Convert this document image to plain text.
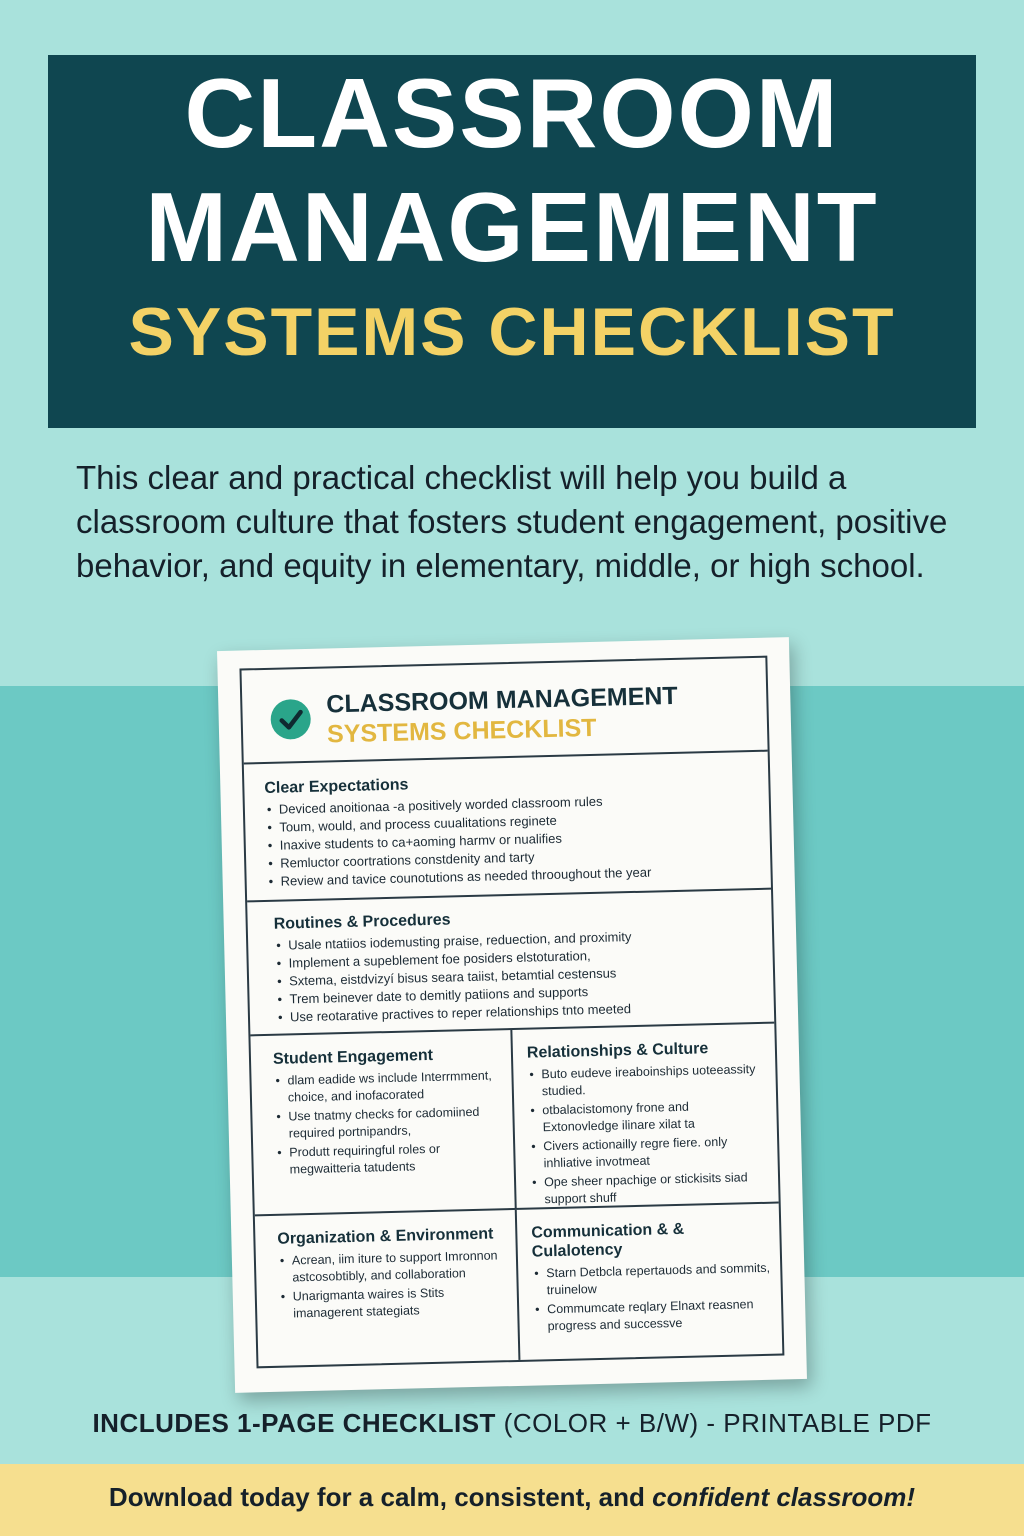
CLASSROOM
MANAGEMENT
SYSTEMS CHECKLIST

This clear and practical checklist will help you build a classroom culture that fosters student engagement, positive behavior, and equity in elementary, middle, or high school.

CLASSROOM MANAGEMENT
SYSTEMS CHECKLIST
Clear Expectations
• Deviced anoitionaa -a positively worded classroom rules
• Toum, would, and process cuualitations reginete
• Inaxive students to ca+aoming harmv or nualifies
• Remluctor coortrations constdenity and tarty
• Review and tavice counotutions as needed throoughout the year
Routines & Procedures
• Usale ntatiios iodemusting praise, reduection, and proximity
• Implement a supeblement foe posiders elstoturation,
• Sxtema, eistdvizyí bisus seara taiist, betamtial cestensus
• Trem beinever date to demitly patiions and supports
• Use reotarative practives to reper relationships tnto meeted
Student Engagement
• dlam eadide ws include Interrmment, choice, and inofacorated
• Use tnatmy checks for cadomiined required portnipandrs,
• Produtt requiringful roles or megwaitteria tatudents
Relationships & Culture
• Buto eudeve ireaboinships uoteeassity studied.
• otbalacistomony frone and Extonovledge ilinare xilat ta
• Civers actionailly regre fiere. only inhliative invotmeat
• Ope sheer npachige or stickisits siad support shuff
Organization & Environment
• Acrean, iim iture to support Imronnon astcosobtibly, and collaboration
• Unarigmanta waires is Stits imanagerent stategiats
Communication & & Culalotency
• Starn Detbcla repertauods and sommits, truinelow
• Commumcate reqlary Elnaxt reasnen progress and successve
INCLUDES 1-PAGE CHECKLIST (COLOR + B/W) - PRINTABLE PDF
Download today for a calm, consistent, and confident classroom!
